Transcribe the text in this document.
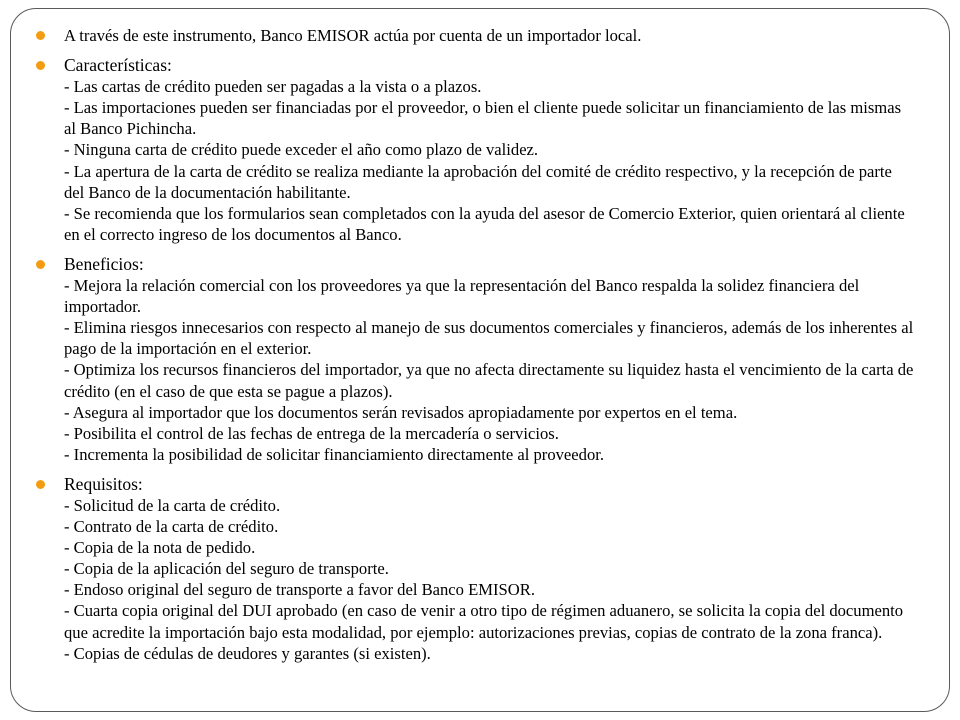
A través de este instrumento, Banco EMISOR actúa por cuenta de un importador local.
Características:
- Las cartas de crédito pueden ser pagadas a la vista o a plazos.
- Las importaciones pueden ser financiadas por el proveedor, o bien el cliente puede solicitar un financiamiento de las mismas al Banco Pichincha.
- Ninguna carta de crédito puede exceder el año como plazo de validez.
- La apertura de la carta de crédito se realiza mediante la aprobación del comité de crédito respectivo, y la recepción de parte del Banco de la documentación habilitante.
- Se recomienda que los formularios sean completados con la ayuda del asesor de Comercio Exterior, quien orientará al cliente en el correcto ingreso de los documentos al Banco.
Beneficios:
- Mejora la relación comercial con los proveedores ya que la representación del Banco respalda la solidez financiera del importador.
- Elimina riesgos innecesarios con respecto al manejo de sus documentos comerciales y financieros, además de los inherentes al pago de la importación en el exterior.
- Optimiza los recursos financieros del importador, ya que no afecta directamente su liquidez hasta el vencimiento de la carta de crédito (en el caso de que esta se pague a plazos).
- Asegura al importador que los documentos serán revisados apropiadamente por expertos en el tema.
- Posibilita el control de las fechas de entrega de la mercadería o servicios.
- Incrementa la posibilidad de solicitar financiamiento directamente al proveedor.
Requisitos:
- Solicitud de la carta de crédito.
- Contrato de la carta de crédito.
- Copia de la nota de pedido.
- Copia de la aplicación del seguro de transporte.
- Endoso original del seguro de transporte a favor del Banco EMISOR.
- Cuarta copia original del DUI aprobado (en caso de venir a otro tipo de régimen aduanero, se solicita la copia del documento que acredite la importación bajo esta modalidad, por ejemplo: autorizaciones previas, copias de contrato de la zona franca).
- Copias de cédulas de deudores y garantes (si existen).
